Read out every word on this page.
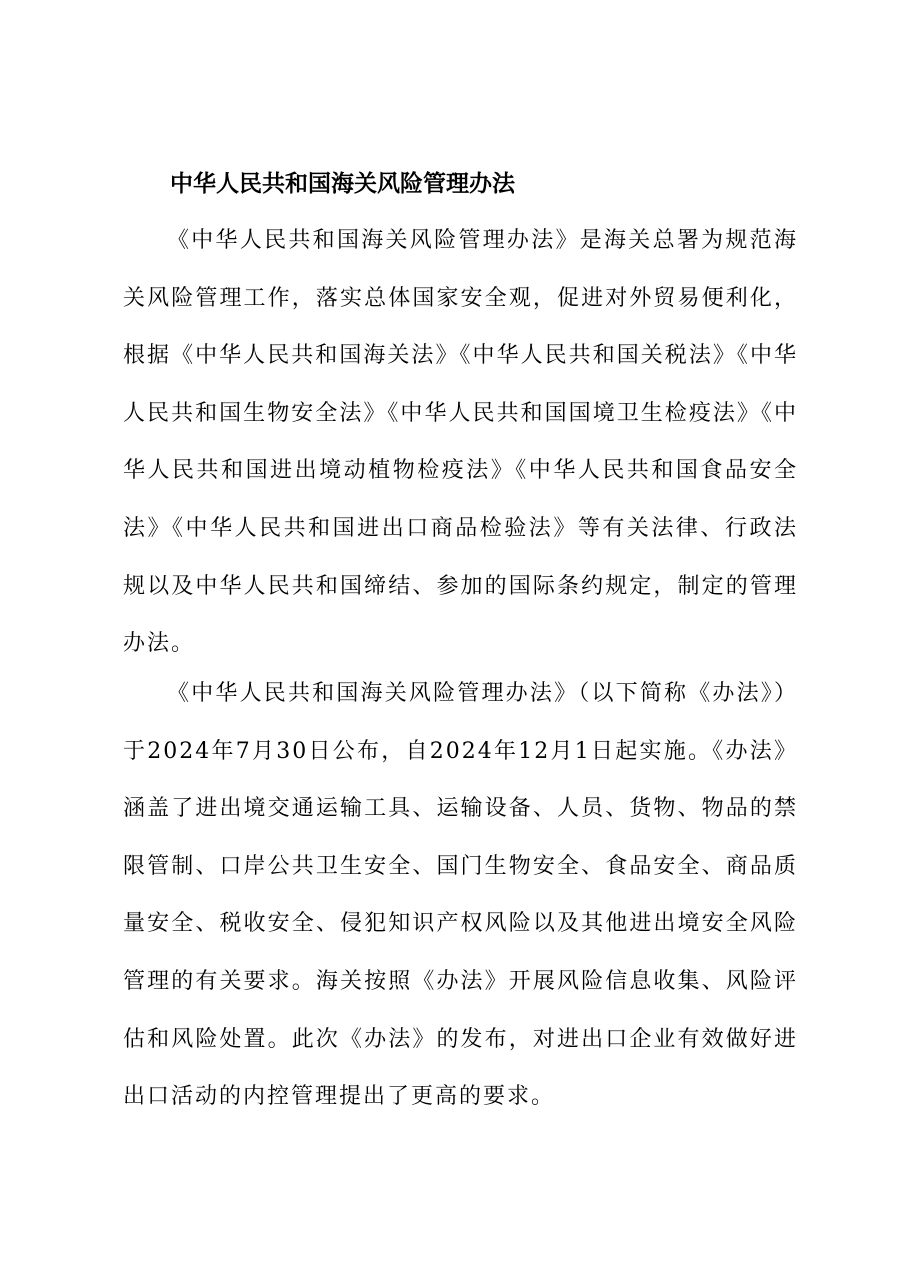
中华人民共和国海关风险管理办法

《中华人民共和国海关风险管理办法》是海关总署为规范海关风险管理工作，落实总体国家安全观，促进对外贸易便利化，根据《中华人民共和国海关法》《中华人民共和国关税法》《中华人民共和国生物安全法》《中华人民共和国国境卫生检疫法》《中华人民共和国进出境动植物检疫法》《中华人民共和国食品安全法》《中华人民共和国进出口商品检验法》等有关法律、行政法规以及中华人民共和国缔结、参加的国际条约规定，制定的管理办法。

《中华人民共和国海关风险管理办法》（以下简称《办法》）于2024年7月30日公布，自2024年12月1日起实施。《办法》涵盖了进出境交通运输工具、运输设备、人员、货物、物品的禁限管制、口岸公共卫生安全、国门生物安全、食品安全、商品质量安全、税收安全、侵犯知识产权风险以及其他进出境安全风险管理的有关要求。海关按照《办法》开展风险信息收集、风险评估和风险处置。此次《办法》的发布，对进出口企业有效做好进出口活动的内控管理提出了更高的要求。
